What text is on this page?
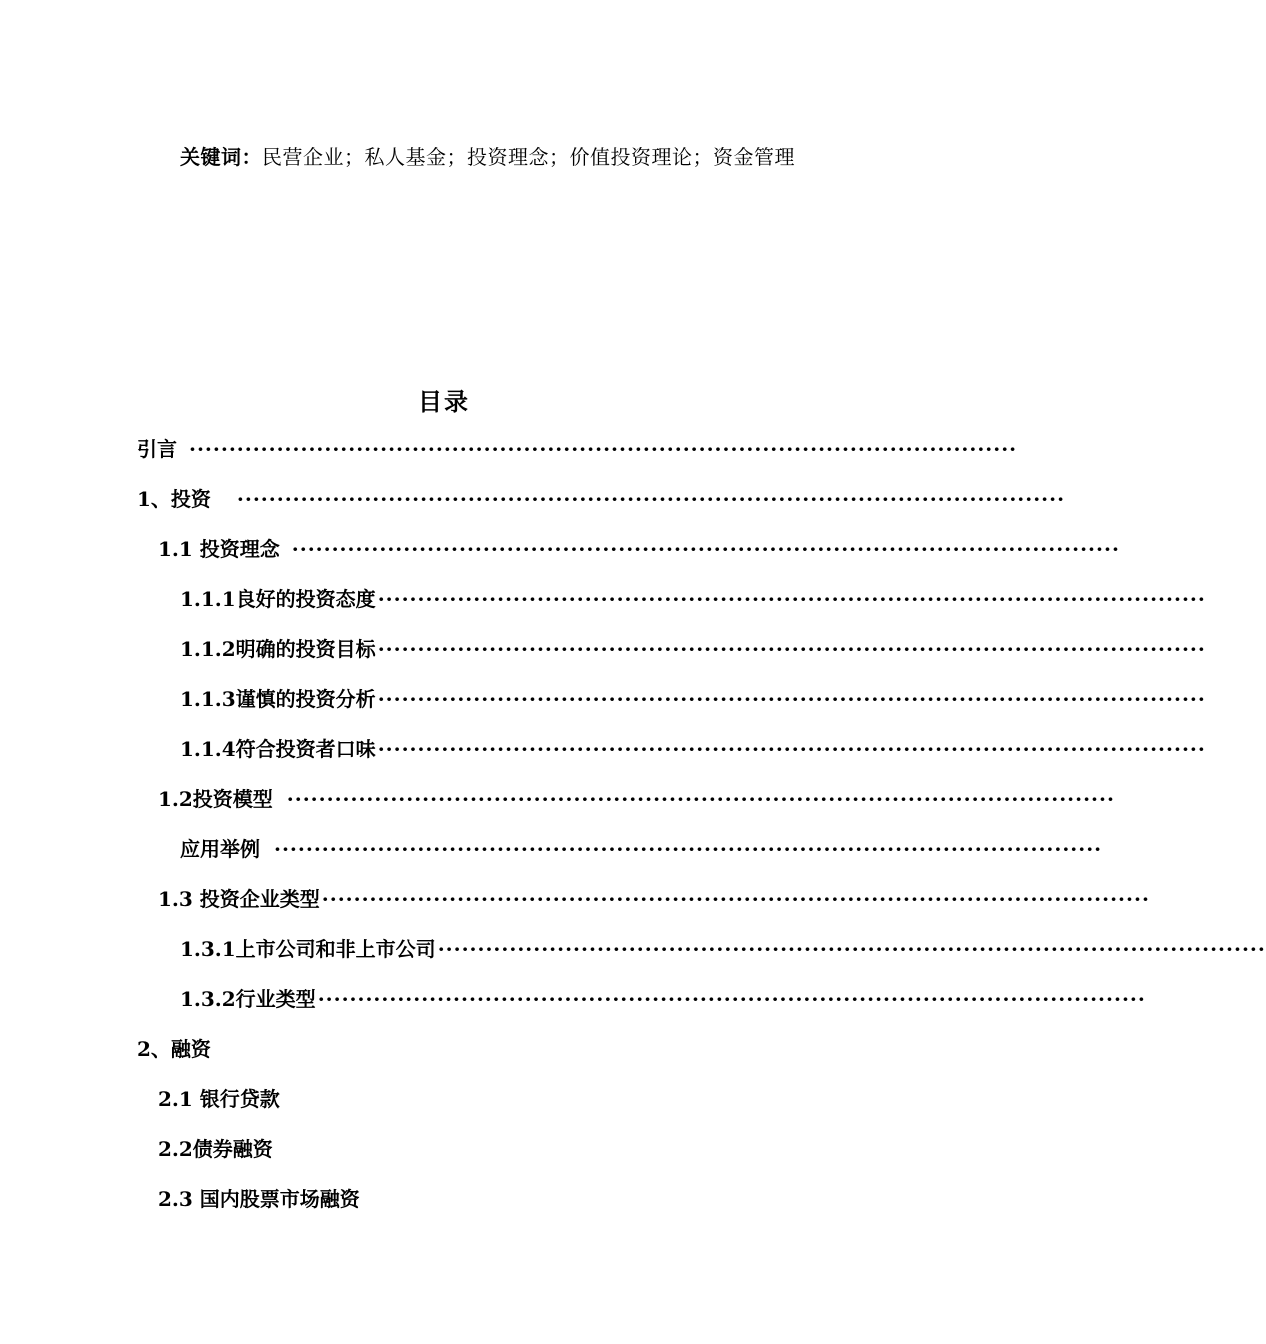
关键词：民营企业；私人基金；投资理念；价值投资理论；资金管理
目录
引言 ········································································································
1、投资 ········································································································
1.1 投资理念 ········································································································
1.1.1良好的投资态度 ········································································································
1.1.2明确的投资目标 ········································································································
1.1.3谨慎的投资分析 ········································································································
1.1.4符合投资者口味 ········································································································
1.2投资模型 ········································································································
应用举例 ········································································································
1.3 投资企业类型 ········································································································
1.3.1上市公司和非上市公司 ········································································································
1.3.2行业类型 ········································································································
2、融资
2.1 银行贷款
2.2债券融资
2.3 国内股票市场融资
